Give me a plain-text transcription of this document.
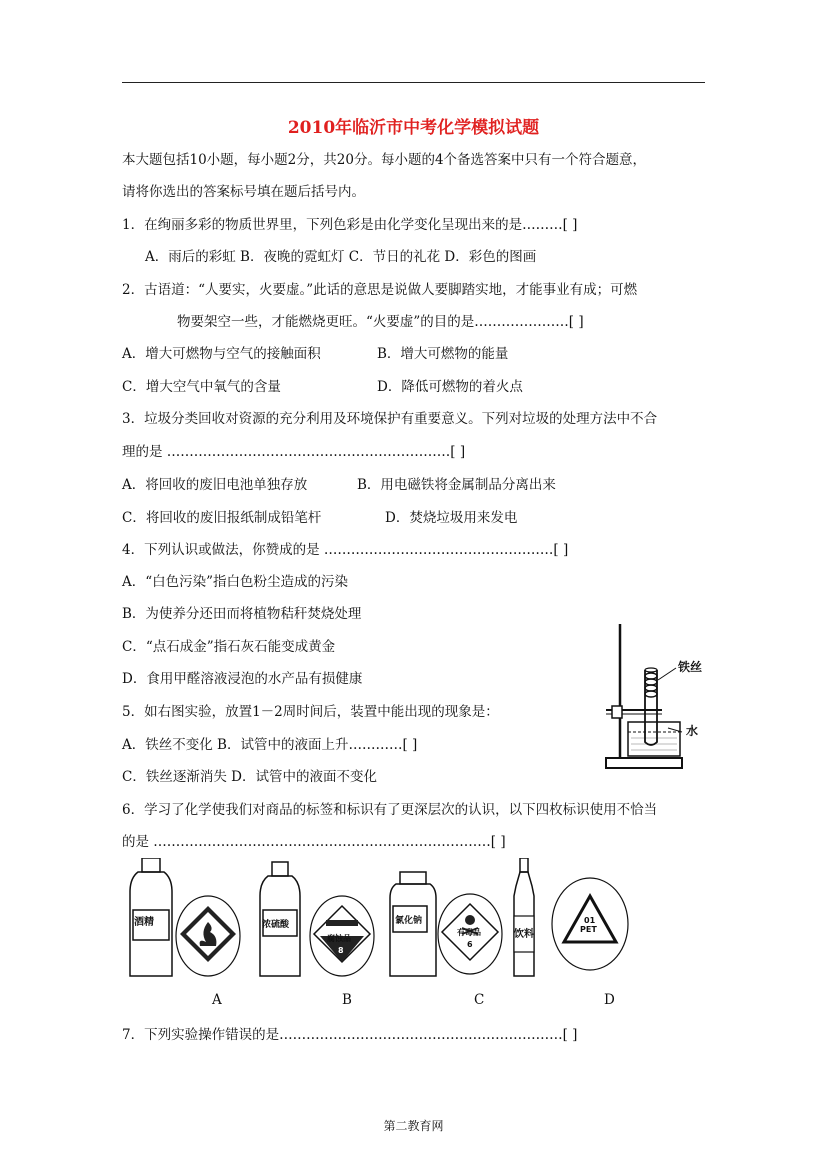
2010年临沂市中考化学模拟试题
本大题包括10小题，每小题2分，共20分。每小题的4个备选答案中只有一个符合题意，
请将你选出的答案标号填在题后括号内。
1．在绚丽多彩的物质世界里，下列色彩是由化学变化呈现出来的是………[ ]
A．雨后的彩虹 B．夜晚的霓虹灯 C．节日的礼花 D．彩色的图画
2．古语道：“人要实，火要虚。”此话的意思是说做人要脚踏实地，才能事业有成；可燃
物要架空一些，才能燃烧更旺。“火要虚”的目的是…………………[ ]
A．增大可燃物与空气的接触面积	B．增大可燃物的能量
C．增大空气中氧气的含量	D．降低可燃物的着火点
3．垃圾分类回收对资源的充分利用及环境保护有重要意义。下列对垃圾的处理方法中不合
理的是 ………………………………………………………[ ]
A．将回收的废旧电池单独存放	B．用电磁铁将金属制品分离出来
C．将回收的废旧报纸制成铅笔杆	D．焚烧垃圾用来发电
4．下列认识或做法，你赞成的是 ……………………………………………[ ]
A．“白色污染”指白色粉尘造成的污染
B．为使养分还田而将植物秸秆焚烧处理
C．“点石成金”指石灰石能变成黄金
D．食用甲醛溶液浸泡的水产品有损健康
5．如右图实验，放置1－2周时间后，装置中能出现的现象是：
A．铁丝不变化 B．试管中的液面上升…………[ ]
C．铁丝逐渐消失 D．试管中的液面不变化
铁丝
水
6．学习了化学使我们对商品的标签和标识有了更深层次的认识，以下四枚标识使用不恰当
的是 …………………………………………………………………[ ]
酒精	浓硫酸
腐蚀品
8
氯化钠
有毒品
6
饮料
01
PET
A	B	C	D
7．下列实验操作错误的是………………………………………………………[ ]
第二教育网
